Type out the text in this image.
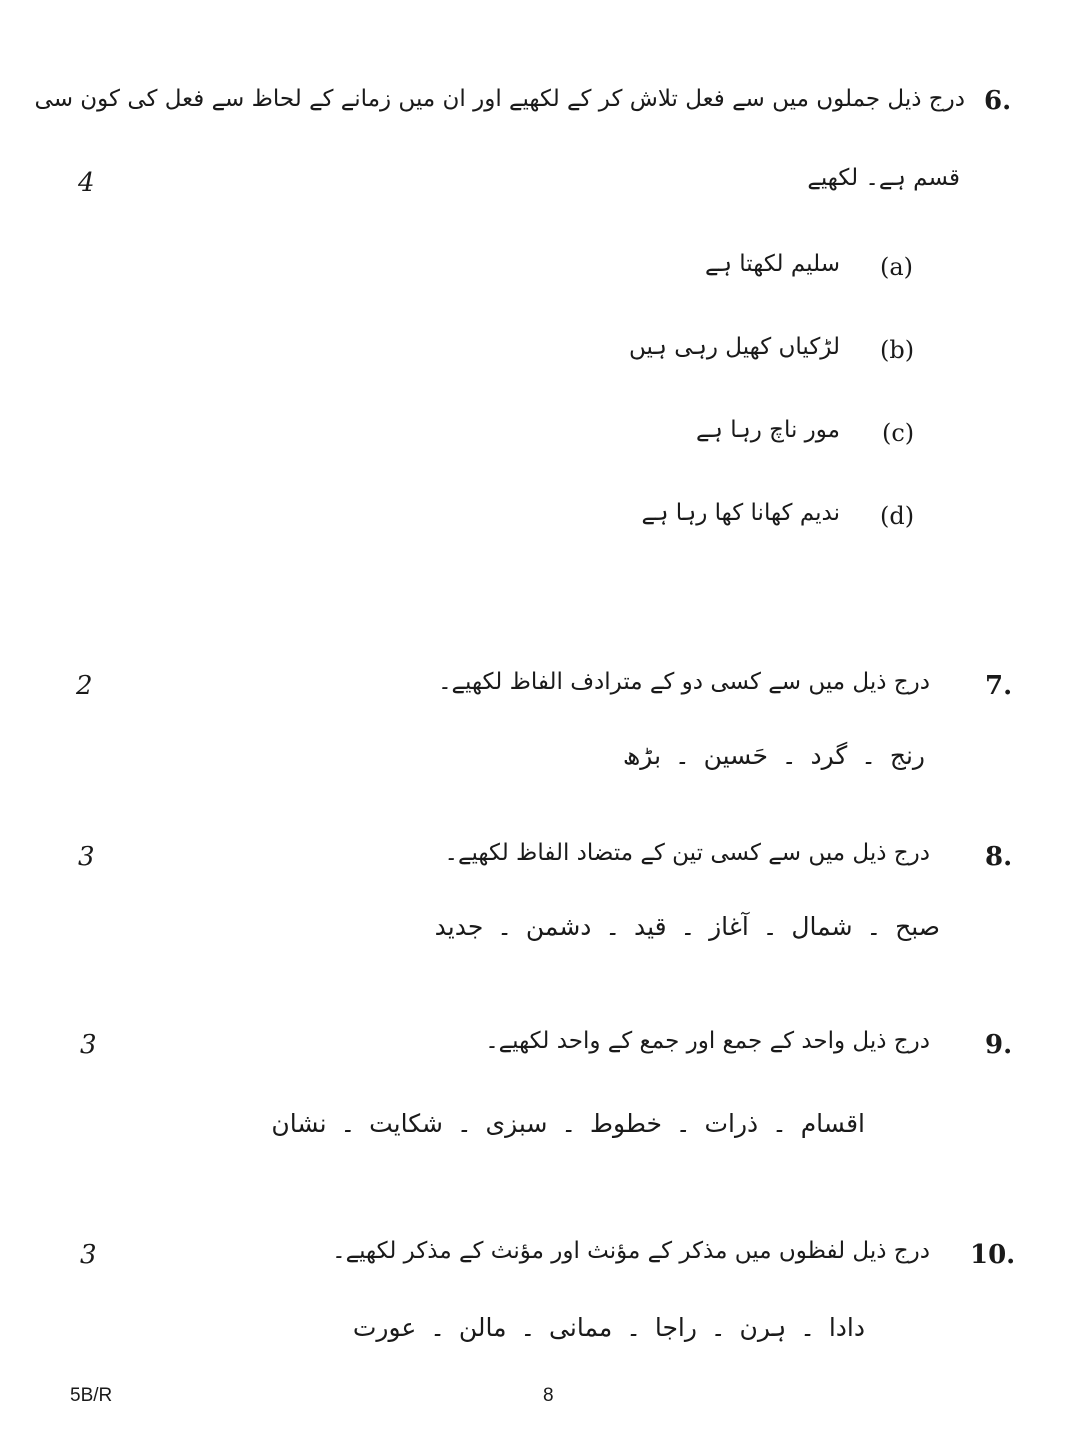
6.
درج ذیل جملوں میں سے فعل تلاش کر کے لکھیے اور ان میں زمانے کے لحاظ سے فعل کی کون سی
4	قسم ہے۔ لکھیے
(a)
سلیم لکھتا ہے
(b)
لڑکیاں کھیل رہی ہیں
(c)
مور ناچ رہا ہے
(d)
ندیم کھانا کھا رہا ہے
2	7.
درج ذیل میں سے کسی دو کے مترادف الفاظ لکھیے۔
رنج ۔ گرد ۔ حَسین ۔ بڑھ
3	8.
درج ذیل میں سے کسی تین کے متضاد الفاظ لکھیے۔
صبح ۔ شمال ۔ آغاز ۔ قید ۔ دشمن ۔ جدید
3	9.
درج ذیل واحد کے جمع اور جمع کے واحد لکھیے۔
اقسام ۔ ذرات ۔ خطوط ۔ سبزی ۔ شکایت ۔ نشان
3	10.
درج ذیل لفظوں میں مذکر کے مؤنث اور مؤنث کے مذکر لکھیے۔
دادا ۔ ہرن ۔ راجا ۔ ممانی ۔ مالن ۔ عورت
5B/R	8
